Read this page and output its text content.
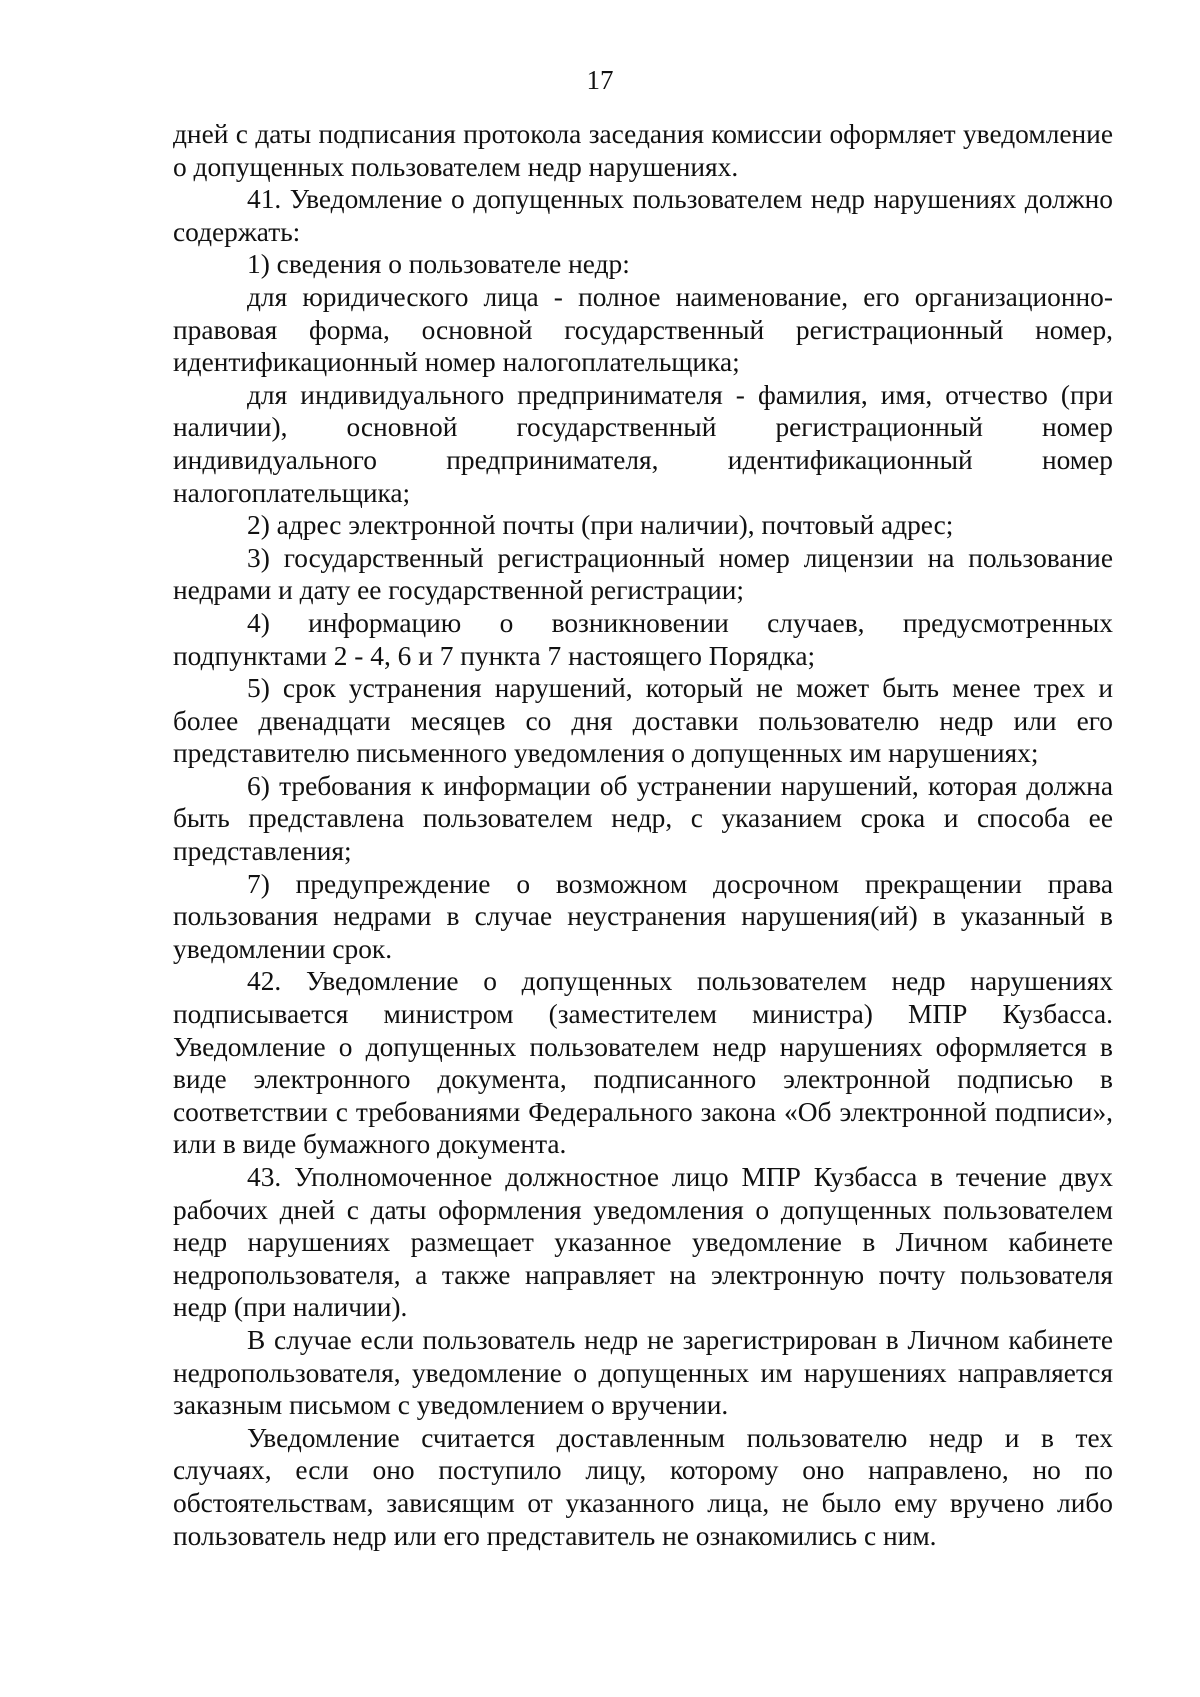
17

дней с даты подписания протокола заседания комиссии оформляет уведомление о допущенных пользователем недр нарушениях.

41. Уведомление о допущенных пользователем недр нарушениях должно содержать:

1) сведения о пользователе недр:

для юридического лица - полное наименование, его организационно-правовая форма, основной государственный регистрационный номер, идентификационный номер налогоплательщика;

для индивидуального предпринимателя - фамилия, имя, отчество (при наличии), основной государственный регистрационный номер индивидуального предпринимателя, идентификационный номер налогоплательщика;

2) адрес электронной почты (при наличии), почтовый адрес;

3) государственный регистрационный номер лицензии на пользование недрами и дату ее государственной регистрации;

4) информацию о возникновении случаев, предусмотренных подпунктами 2 - 4, 6 и 7 пункта 7 настоящего Порядка;

5) срок устранения нарушений, который не может быть менее трех и более двенадцати месяцев со дня доставки пользователю недр или его представителю письменного уведомления о допущенных им нарушениях;

6) требования к информации об устранении нарушений, которая должна быть представлена пользователем недр, с указанием срока и способа ее представления;

7) предупреждение о возможном досрочном прекращении права пользования недрами в случае неустранения нарушения(ий) в указанный в уведомлении срок.

42. Уведомление о допущенных пользователем недр нарушениях подписывается министром (заместителем министра) МПР Кузбасса. Уведомление о допущенных пользователем недр нарушениях оформляется в виде электронного документа, подписанного электронной подписью в соответствии с требованиями Федерального закона «Об электронной подписи», или в виде бумажного документа.

43. Уполномоченное должностное лицо МПР Кузбасса в течение двух рабочих дней с даты оформления уведомления о допущенных пользователем недр нарушениях размещает указанное уведомление в Личном кабинете недропользователя, а также направляет на электронную почту пользователя недр (при наличии).

В случае если пользователь недр не зарегистрирован в Личном кабинете недропользователя, уведомление о допущенных им нарушениях направляется заказным письмом с уведомлением о вручении.

Уведомление считается доставленным пользователю недр и в тех случаях, если оно поступило лицу, которому оно направлено, но по обстоятельствам, зависящим от указанного лица, не было ему вручено либо пользователь недр или его представитель не ознакомились с ним.
